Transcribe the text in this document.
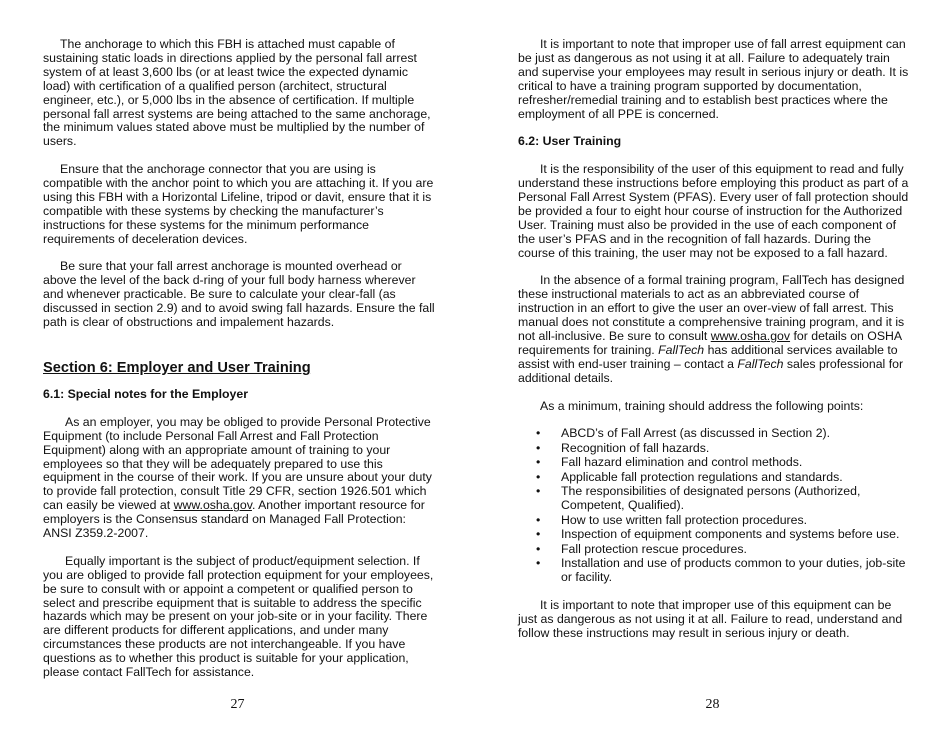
The anchorage to which this FBH is attached must capable of sustaining static loads in directions applied by the personal fall arrest system of at least 3,600 lbs (or at least twice the expected dynamic load) with certification of a qualified person (architect, structural engineer, etc.), or 5,000 lbs in the absence of certification. If multiple personal fall arrest systems are being attached to the same anchorage, the minimum values stated above must be multiplied by the number of users.

Ensure that the anchorage connector that you are using is compatible with the anchor point to which you are attaching it. If you are using this FBH with a Horizontal Lifeline, tripod or davit, ensure that it is compatible with these systems by checking the manufacturer’s instructions for these systems for the minimum performance requirements of deceleration devices.

Be sure that your fall arrest anchorage is mounted overhead or above the level of the back d-ring of your full body harness wherever and whenever practicable. Be sure to calculate your clear-fall (as discussed in section 2.9) and to avoid swing fall hazards. Ensure the fall path is clear of obstructions and impalement hazards.

Section 6: Employer and User Training
6.1: Special notes for the Employer

As an employer, you may be obliged to provide Personal Protective Equipment (to include Personal Fall Arrest and Fall Protection Equipment) along with an appropriate amount of training to your employees so that they will be adequately prepared to use this equipment in the course of their work. If you are unsure about your duty to provide fall protection, consult Title 29 CFR, section 1926.501 which can easily be viewed at www.osha.gov. Another important resource for employers is the Consensus standard on Managed Fall Protection: ANSI Z359.2-2007.

Equally important is the subject of product/equipment selection. If you are obliged to provide fall protection equipment for your employees, be sure to consult with or appoint a competent or qualified person to select and prescribe equipment that is suitable to address the specific hazards which may be present on your job-site or in your facility. There are different products for different applications, and under many circumstances these products are not interchangeable. If you have questions as to whether this product is suitable for your application, please contact FallTech for assistance.

27

It is important to note that improper use of fall arrest equipment can be just as dangerous as not using it at all. Failure to adequately train and supervise your employees may result in serious injury or death. It is critical to have a training program supported by documentation, refresher/remedial training and to establish best practices where the employment of all PPE is concerned.

6.2: User Training

It is the responsibility of the user of this equipment to read and fully understand these instructions before employing this product as part of a Personal Fall Arrest System (PFAS). Every user of fall protection should be provided a four to eight hour course of instruction for the Authorized User. Training must also be provided in the use of each component of the user’s PFAS and in the recognition of fall hazards. During the course of this training, the user may not be exposed to a fall hazard.

In the absence of a formal training program, FallTech has designed these instructional materials to act as an abbreviated course of instruction in an effort to give the user an over-view of fall arrest. This manual does not constitute a comprehensive training program, and it is not all-inclusive. Be sure to consult www.osha.gov for details on OSHA requirements for training. FallTech has additional services available to assist with end-user training – contact a FallTech sales professional for additional details.

As a minimum, training should address the following points:

• ABCD’s of Fall Arrest (as discussed in Section 2).
• Recognition of fall hazards.
• Fall hazard elimination and control methods.
• Applicable fall protection regulations and standards.
• The responsibilities of designated persons (Authorized, Competent, Qualified).
• How to use written fall protection procedures.
• Inspection of equipment components and systems before use.
• Fall protection rescue procedures.
• Installation and use of products common to your duties, job-site or facility.

It is important to note that improper use of this equipment can be just as dangerous as not using it at all. Failure to read, understand and follow these instructions may result in serious injury or death.

28
